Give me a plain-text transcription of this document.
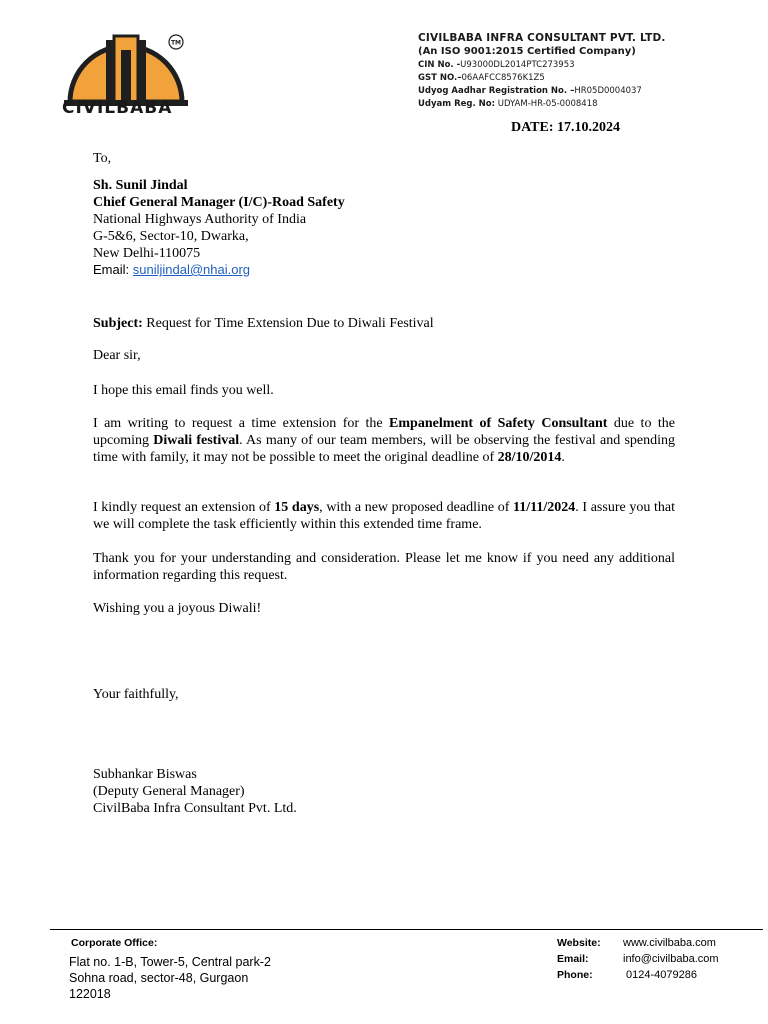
TM
CIVILBABA
CIVILBABA INFRA CONSULTANT PVT. LTD.
(An ISO 9001:2015 Certified Company)
CIN No. -U93000DL2014PTC273953
GST NO.–06AAFCC8576K1Z5
Udyog Aadhar Registration No. –HR05D0004037
Udyam Reg. No: UDYAM-HR-05-0008418
DATE: 17.10.2024
To,
Sh. Sunil Jindal
Chief General Manager (I/C)-Road Safety
National Highways Authority of India
G-5&6, Sector-10, Dwarka,
New Delhi-110075
Email: suniljindal@nhai.org
Subject: Request for Time Extension Due to Diwali Festival
Dear sir,
I hope this email finds you well.
I am writing to request a time extension for the Empanelment of Safety Consultant due to the upcoming Diwali festival. As many of our team members, will be observing the festival and spending time with family, it may not be possible to meet the original deadline of 28/10/2014.
I kindly request an extension of 15 days, with a new proposed deadline of 11/11/2024. I assure you that we will complete the task efficiently within this extended time frame.
Thank you for your understanding and consideration. Please let me know if you need any additional information regarding this request.
Wishing you a joyous Diwali!
Your faithfully,
Subhankar Biswas
(Deputy General Manager)
CivilBaba Infra Consultant Pvt. Ltd.
Corporate Office:
Flat no. 1-B, Tower-5, Central park-2
Sohna road, sector-48, Gurgaon
122018
Website: www.civilbaba.com
Email:	info@civilbaba.com
Phone:	0124-4079286
